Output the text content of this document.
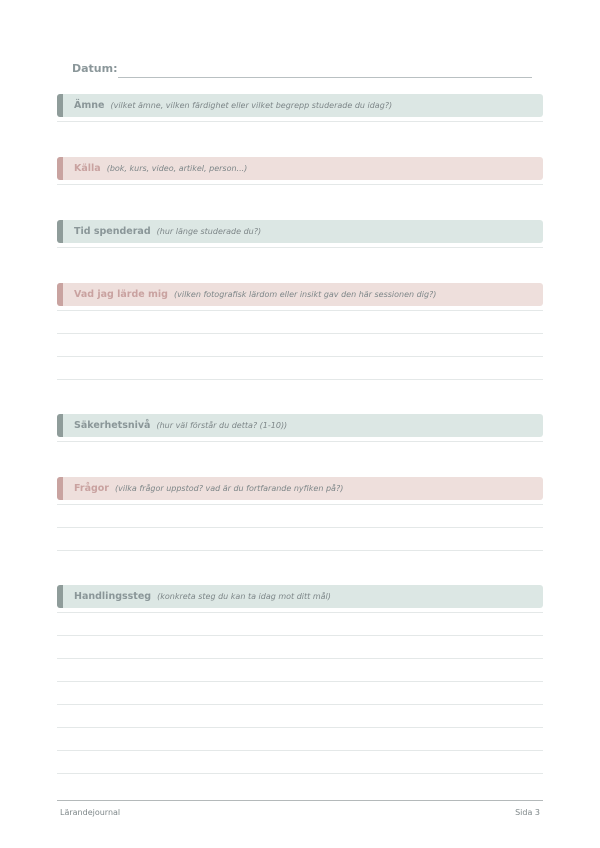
Datum:
Ämne (vilket ämne, vilken färdighet eller vilket begrepp studerade du idag?)
Källa (bok, kurs, video, artikel, person...)
Tid spenderad (hur länge studerade du?)
Vad jag lärde mig (vilken fotografisk lärdom eller insikt gav den här sessionen dig?)
Säkerhetsnivå (hur väl förstår du detta? (1-10))
Frågor (vilka frågor uppstod? vad är du fortfarande nyfiken på?)
Handlingssteg (konkreta steg du kan ta idag mot ditt mål)
Lärandejournal	Sida 3
